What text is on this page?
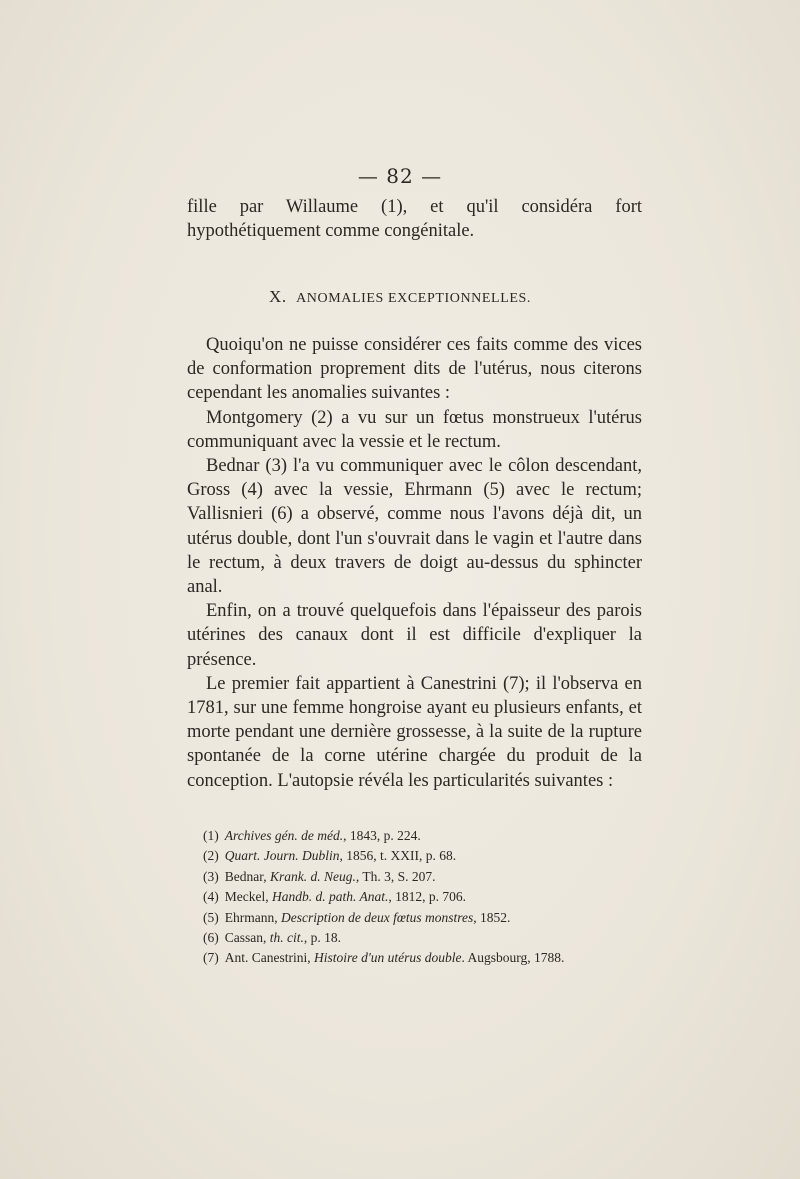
— 82 —

fille par Willaume (1), et qu'il considéra fort hypothétiquement comme congénitale.

X. ANOMALIES EXCEPTIONNELLES.

Quoiqu'on ne puisse considérer ces faits comme des vices de conformation proprement dits de l'utérus, nous citerons cependant les anomalies suivantes :

Montgomery (2) a vu sur un fœtus monstrueux l'utérus communiquant avec la vessie et le rectum.

Bednar (3) l'a vu communiquer avec le côlon descendant, Gross (4) avec la vessie, Ehrmann (5) avec le rectum; Vallisnieri (6) a observé, comme nous l'avons déjà dit, un utérus double, dont l'un s'ouvrait dans le vagin et l'autre dans le rectum, à deux travers de doigt au-dessus du sphincter anal.

Enfin, on a trouvé quelquefois dans l'épaisseur des parois utérines des canaux dont il est difficile d'expliquer la présence.

Le premier fait appartient à Canestrini (7); il l'observa en 1781, sur une femme hongroise ayant eu plusieurs enfants, et morte pendant une dernière grossesse, à la suite de la rupture spontanée de la corne utérine chargée du produit de la conception. L'autopsie révéla les particularités suivantes :

(1) Archives gén. de méd., 1843, p. 224.
(2) Quart. Journ. Dublin, 1856, t. XXII, p. 68.
(3) Bednar, Krank. d. Neug., Th. 3, S. 207.
(4) Meckel, Handb. d. path. Anat., 1812, p. 706.
(5) Ehrmann, Description de deux fœtus monstres, 1852.
(6) Cassan, th. cit., p. 18.
(7) Ant. Canestrini, Histoire d'un utérus double. Augsbourg, 1788.
